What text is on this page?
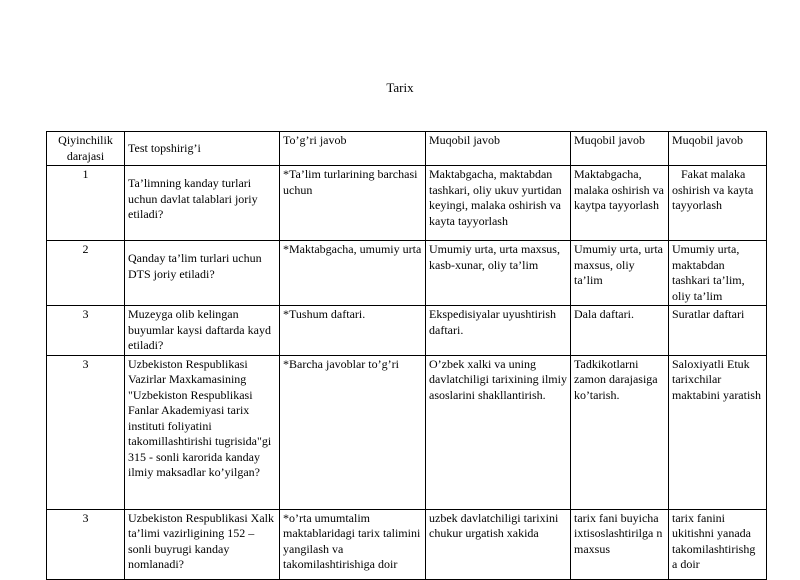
Tarix
Qiyinchilik
darajasi	Test topshirig’i	To’g’ri javob	Muqobil javob	Muqobil javob	Muqobil javob
1	Ta’limning kanday turlari uchun davlat talablari joriy etiladi?	*Ta’lim turlarining barchasi uchun	Maktabgacha, maktabdan tashkari, oliy ukuv yurtidan keyingi, malaka oshirish va kayta tayyorlash	Maktabgacha, malaka oshirish va kaytpa tayyorlash	Fakat malaka oshirish va kayta tayyorlash
2	Qanday ta’lim turlari uchun DTS joriy etiladi?	*Maktabgacha, umumiy urta	Umumiy urta, urta maxsus, kasb-xunar, oliy ta’lim	Umumiy urta, urta maxsus, oliy ta’lim	Umumiy urta, maktabdan tashkari ta’lim, oliy ta’lim
3	Muzeyga olib kelingan buyumlar kaysi daftarda kayd etiladi?	*Tushum daftari.	Ekspedisiyalar uyushtirish daftari.	Dala daftari.	Suratlar daftari
3	Uzbekiston Respublikasi Vazirlar Maxkamasining "Uzbekiston Respublikasi Fanlar Akademiyasi tarix instituti foliyatini takomillashtirishi tugrisida"gi 315 - sonli karorida kanday ilmiy maksadlar ko’yilgan?	*Barcha javoblar to’g’ri	O’zbek xalki va uning davlatchiligi tarixining ilmiy asoslarini shakllantirish.	Tadkikotlarni zamon darajasiga ko’tarish.	Saloxiyatli Etuk tarixchilar maktabini yaratish
3	Uzbekiston Respublikasi Xalk ta’limi vazirligining 152 – sonli buyrugi kanday nomlanadi?	*o’rta umumtalim maktablaridagi tarix talimini yangilash va takomilashtirishiga doir	uzbek davlatchiligi tarixini chukur urgatish xakida	tarix fani buyicha ixtisoslashtirilga n maxsus	tarix fanini ukitishni yanada takomilashtirishg a doir
